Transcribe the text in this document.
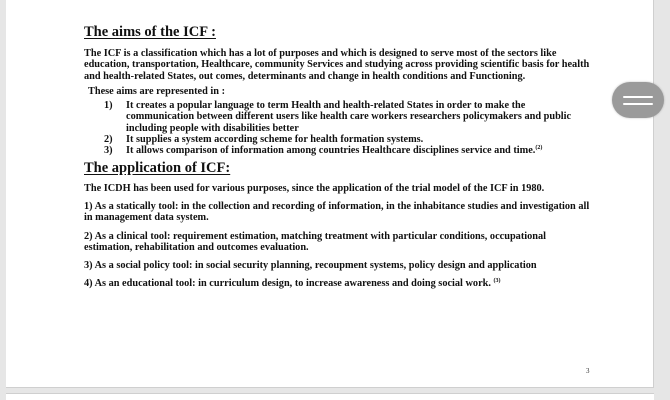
The aims of the ICF :

The ICF is a classification which has a lot of purposes and which is designed to serve most of the sectors like education, transportation, Healthcare, community Services and studying across providing scientific basis for health and health-related States, out comes, determinants and change in health conditions and Functioning.

These aims are represented in :

1) It creates a popular language to term Health and health-related States in order to make the communication between different users like health care workers researchers policymakers and public including people with disabilities better
2) It supplies a system according scheme for health formation systems.
3) It allows comparison of information among countries Healthcare disciplines service and time.$^{(2)}$
The application of ICF:

The ICDH has been used for various purposes, since the application of the trial model of the ICF in 1980.

1) As a statically tool: in the collection and recording of information, in the inhabitance studies and investigation all in management data system.

2) As a clinical tool: requirement estimation, matching treatment with particular conditions, occupational estimation, rehabilitation and outcomes evaluation.

3) As a social policy tool: in social security planning, recoupment systems, policy design and application

4) As an educational tool: in curriculum design, to increase awareness and doing social work. $^{(3)}$

3
